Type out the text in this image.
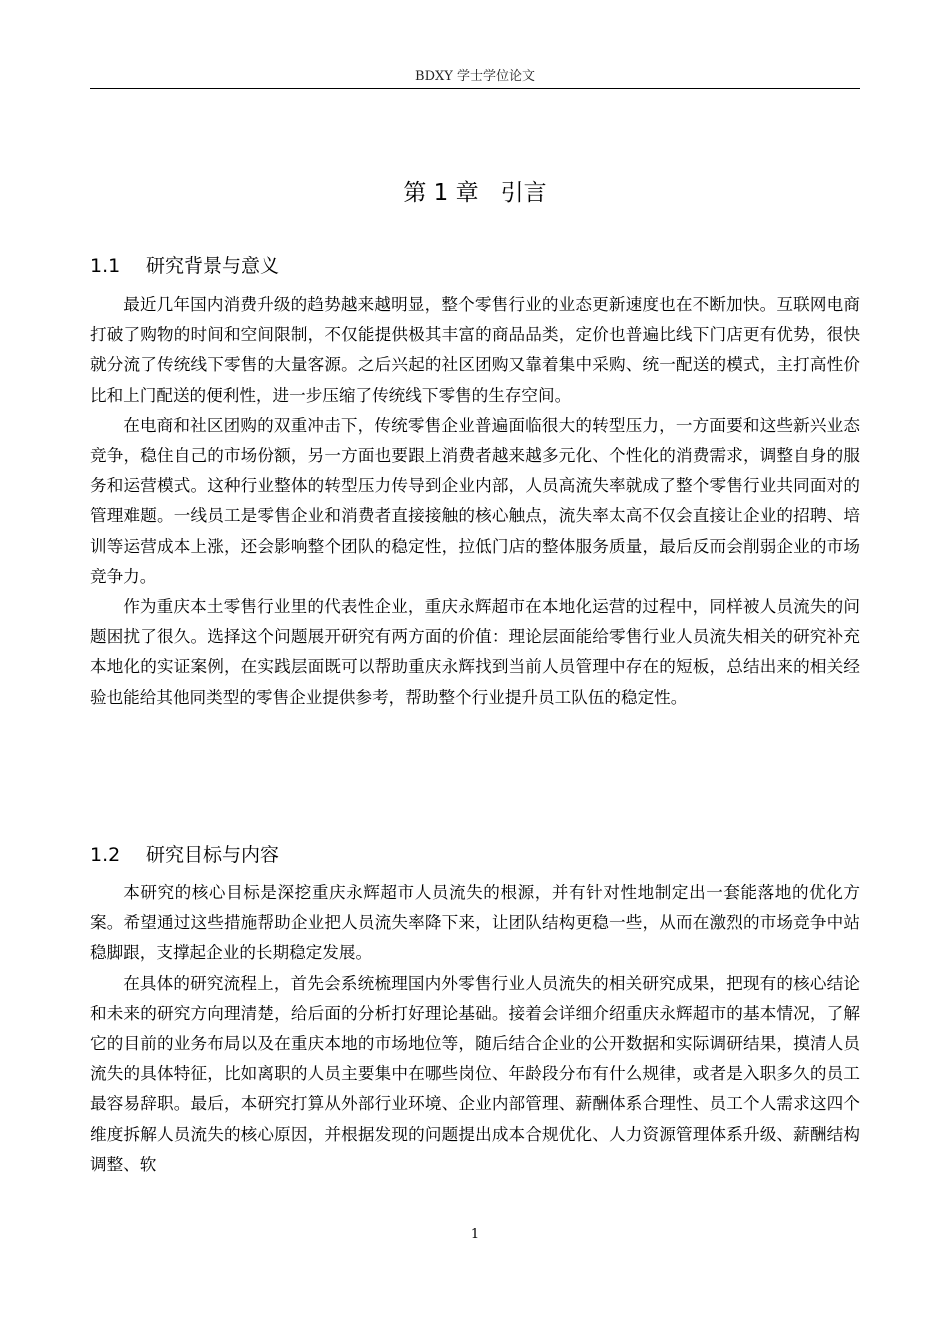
BDXY 学士学位论文
第 1 章 引言
1.1 研究背景与意义

最近几年国内消费升级的趋势越来越明显，整个零售行业的业态更新速度也在不断加快。互联网电商打破了购物的时间和空间限制，不仅能提供极其丰富的商品品类，定价也普遍比线下门店更有优势，很快就分流了传统线下零售的大量客源。之后兴起的社区团购又靠着集中采购、统一配送的模式，主打高性价比和上门配送的便利性，进一步压缩了传统线下零售的生存空间。

在电商和社区团购的双重冲击下，传统零售企业普遍面临很大的转型压力，一方面要和这些新兴业态竞争，稳住自己的市场份额，另一方面也要跟上消费者越来越多元化、个性化的消费需求，调整自身的服务和运营模式。这种行业整体的转型压力传导到企业内部，人员高流失率就成了整个零售行业共同面对的管理难题。一线员工是零售企业和消费者直接接触的核心触点，流失率太高不仅会直接让企业的招聘、培训等运营成本上涨，还会影响整个团队的稳定性，拉低门店的整体服务质量，最后反而会削弱企业的市场竞争力。

作为重庆本土零售行业里的代表性企业，重庆永辉超市在本地化运营的过程中，同样被人员流失的问题困扰了很久。选择这个问题展开研究有两方面的价值：理论层面能给零售行业人员流失相关的研究补充本地化的实证案例，在实践层面既可以帮助重庆永辉找到当前人员管理中存在的短板，总结出来的相关经验也能给其他同类型的零售企业提供参考，帮助整个行业提升员工队伍的稳定性。

1.2 研究目标与内容

本研究的核心目标是深挖重庆永辉超市人员流失的根源，并有针对性地制定出一套能落地的优化方案。希望通过这些措施帮助企业把人员流失率降下来，让团队结构更稳一些，从而在激烈的市场竞争中站稳脚跟，支撑起企业的长期稳定发展。

在具体的研究流程上，首先会系统梳理国内外零售行业人员流失的相关研究成果，把现有的核心结论和未来的研究方向理清楚，给后面的分析打好理论基础。接着会详细介绍重庆永辉超市的基本情况，了解它的目前的业务布局以及在重庆本地的市场地位等，随后结合企业的公开数据和实际调研结果，摸清人员流失的具体特征，比如离职的人员主要集中在哪些岗位、年龄段分布有什么规律，或者是入职多久的员工最容易辞职。最后，本研究打算从外部行业环境、企业内部管理、薪酬体系合理性、员工个人需求这四个维度拆解人员流失的核心原因，并根据发现的问题提出成本合规优化、人力资源管理体系升级、薪酬结构调整、软

1
